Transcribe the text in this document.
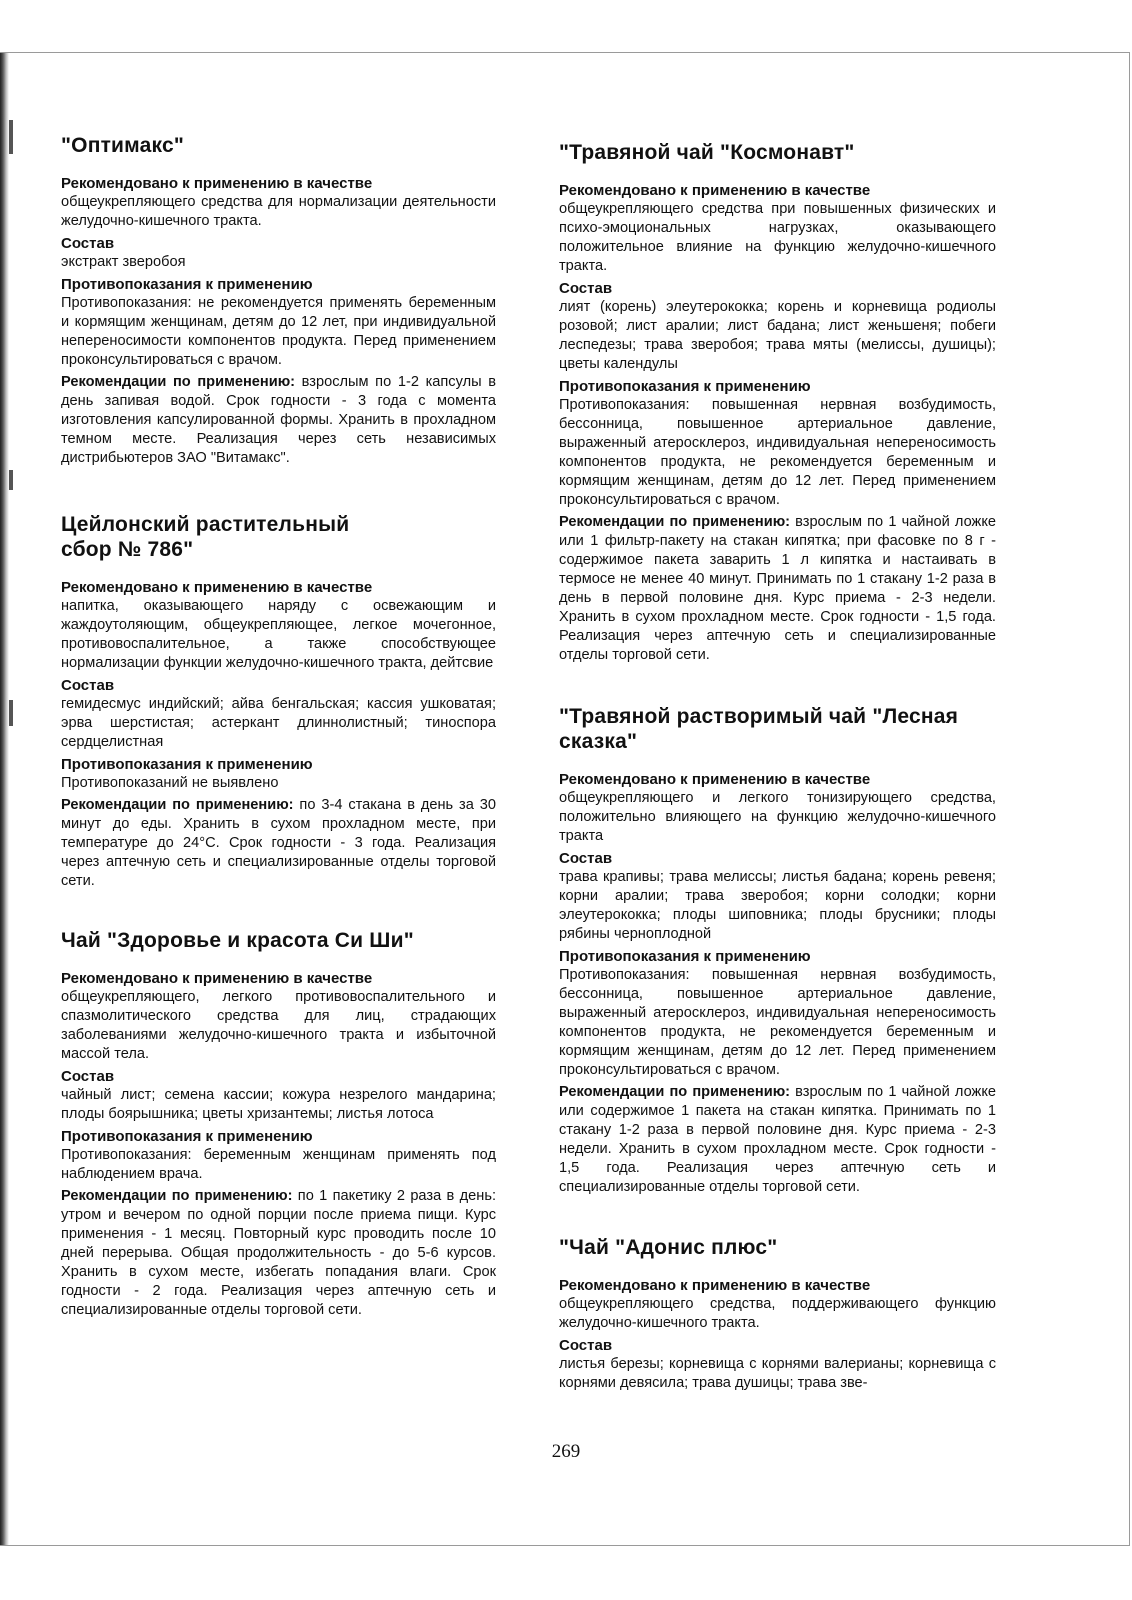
"Оптимакс"
Рекомендовано к применению в качестве
общеукрепляющего средства для нормализации деятельности желудочно-кишечного тракта.
Состав
экстракт зверобоя
Противопоказания к применению
Противопоказания: не рекомендуется применять беременным и кормящим женщинам, детям до 12 лет, при индивидуальной непереносимости компонентов продукта. Перед применением проконсультироваться с врачом.
Рекомендации по применению: взрослым по 1-2 капсулы в день запивая водой. Срок годности - 3 года с момента изготовления капсулированной формы. Хранить в прохладном темном месте. Реализация через сеть независимых дистрибьютеров ЗАО "Витамакс".
Цейлонский растительный сбор № 786"
Рекомендовано к применению в качестве
напитка, оказывающего наряду с освежающим и жаждоутоляющим, общеукрепляющее, легкое мочегонное, противовоспалительное, а также способствующее нормализации функции желудочно-кишечного тракта, дейтсвие
Состав
гемидесмус индийский; айва бенгальская; кассия ушковатая; эрва шерстистая; астеркант длиннолистный; тиноспора сердцелистная
Противопоказания к применению
Противопоказаний не выявлено
Рекомендации по применению: по 3-4 стакана в день за 30 минут до еды. Хранить в сухом прохладном месте, при температуре до 24°С. Срок годности - 3 года. Реализация через аптечную сеть и специализированные отделы торговой сети.
Чай "Здоровье и красота Си Ши"
Рекомендовано к применению в качестве
общеукрепляющего, легкого противовоспалительного и спазмолитического средства для лиц, страдающих заболеваниями желудочно-кишечного тракта и избыточной массой тела.
Состав
чайный лист; семена кассии; кожура незрелого мандарина; плоды боярышника; цветы хризантемы; листья лотоса
Противопоказания к применению
Противопоказания: беременным женщинам применять под наблюдением врача.
Рекомендации по применению: по 1 пакетику 2 раза в день: утром и вечером по одной порции после приема пищи. Курс применения - 1 месяц. Повторный курс проводить после 10 дней перерыва. Общая продолжительность - до 5-6 курсов. Хранить в сухом месте, избегать попадания влаги. Срок годности - 2 года. Реализация через аптечную сеть и специализированные отделы торговой сети.
"Травяной чай "Космонавт"
Рекомендовано к применению в качестве
общеукрепляющего средства при повышенных физических и психо-эмоциональных нагрузках, оказывающего положительное влияние на функцию желудочно-кишечного тракта.
Состав
лият (корень) элеутерококка; корень и корневища родиолы розовой; лист аралии; лист бадана; лист женьшеня; побеги леспедезы; трава зверобоя; трава мяты (мелиссы, душицы); цветы календулы
Противопоказания к применению
Противопоказания: повышенная нервная возбудимость, бессонница, повышенное артериальное давление, выраженный атеросклероз, индивидуальная непереносимость компонентов продукта, не рекомендуется беременным и кормящим женщинам, детям до 12 лет. Перед применением проконсультироваться с врачом.
Рекомендации по применению: взрослым по 1 чайной ложке или 1 фильтр-пакету на стакан кипятка; при фасовке по 8 г - содержимое пакета заварить 1 л кипятка и настаивать в термосе не менее 40 минут. Принимать по 1 стакану 1-2 раза в день в первой половине дня. Курс приема - 2-3 недели. Хранить в сухом прохладном месте. Срок годности - 1,5 года. Реализация через аптечную сеть и специализированные отделы торговой сети.
"Травяной растворимый чай "Лесная сказка"
Рекомендовано к применению в качестве
общеукрепляющего и легкого тонизирующего средства, положительно влияющего на функцию желудочно-кишечного тракта
Состав
трава крапивы; трава мелиссы; листья бадана; корень ревеня; корни аралии; трава зверобоя; корни солодки; корни элеутерококка; плоды шиповника; плоды брусники; плоды рябины черноплодной
Противопоказания к применению
Противопоказания: повышенная нервная возбудимость, бессонница, повышенное артериальное давление, выраженный атеросклероз, индивидуальная непереносимость компонентов продукта, не рекомендуется беременным и кормящим женщинам, детям до 12 лет. Перед применением проконсультироваться с врачом.
Рекомендации по применению: взрослым по 1 чайной ложке или содержимое 1 пакета на стакан кипятка. Принимать по 1 стакану 1-2 раза в первой половине дня. Курс приема - 2-3 недели. Хранить в сухом прохладном месте. Срок годности - 1,5 года. Реализация через аптечную сеть и специализированные отделы торговой сети.
"Чай "Адонис плюс"
Рекомендовано к применению в качестве
общеукрепляющего средства, поддерживающего функцию желудочно-кишечного тракта.
Состав
листья березы; корневища с корнями валерианы; корневища с корнями девясила; трава душицы; трава зве-
269
